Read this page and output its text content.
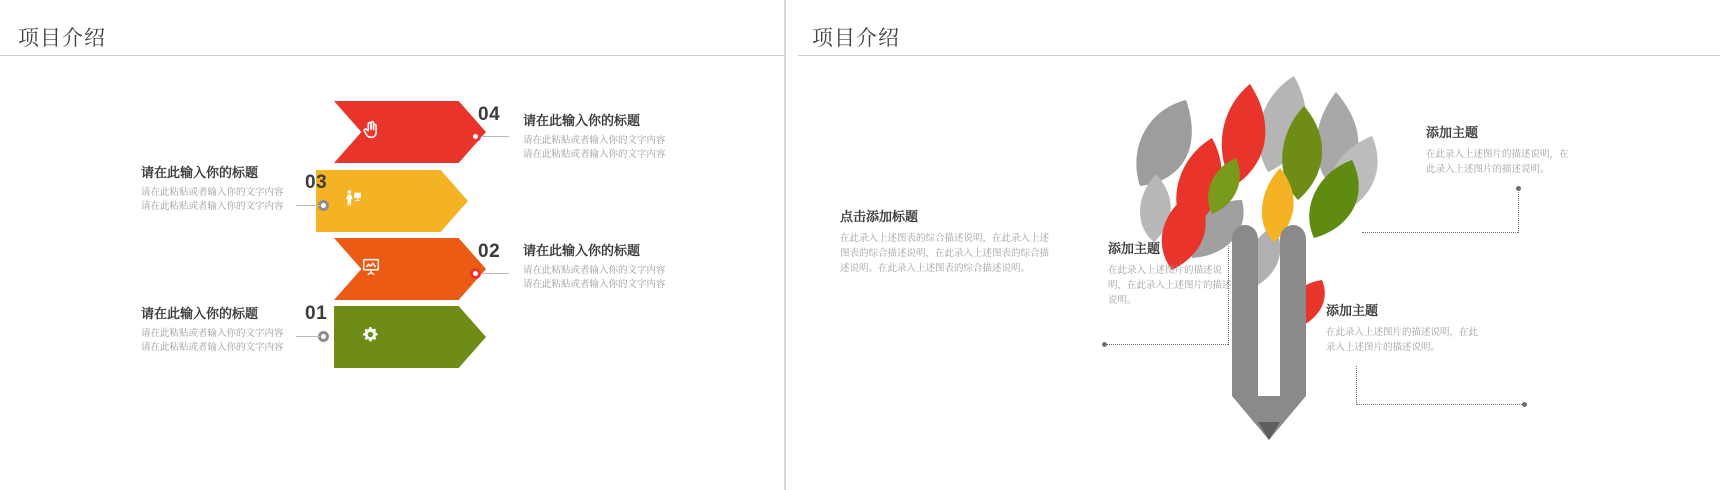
项目介绍
04 请在此输入你的标题

请在此粘贴或者输入你的文字内容

请在此粘贴或者输入你的文字内容

03

请在此输入你的标题

请在此粘贴或者输入你的文字内容

请在此粘贴或者输入你的文字内容

02 请在此输入你的标题

请在此粘贴或者输入你的文字内容

请在此粘贴或者输入你的文字内容

01

请在此输入你的标题

请在此粘贴或者输入你的文字内容

请在此粘贴或者输入你的文字内容

项目介绍

点击添加标题

在此录入上述图表的综合描述说明，在此录入上述图表的综合描述说明，在此录入上述图表的综合描述说明。在此录入上述图表的综合描述说明。

添加主题

在此录入上述图片的描述说明，在此录入上述图片的描述说明。

添加主题

在此录入上述图片的描述说明，在此录入上述图片的描述说明。

添加主题

在此录入上述图片的描述说明，在此录入上述图片的描述说明。
